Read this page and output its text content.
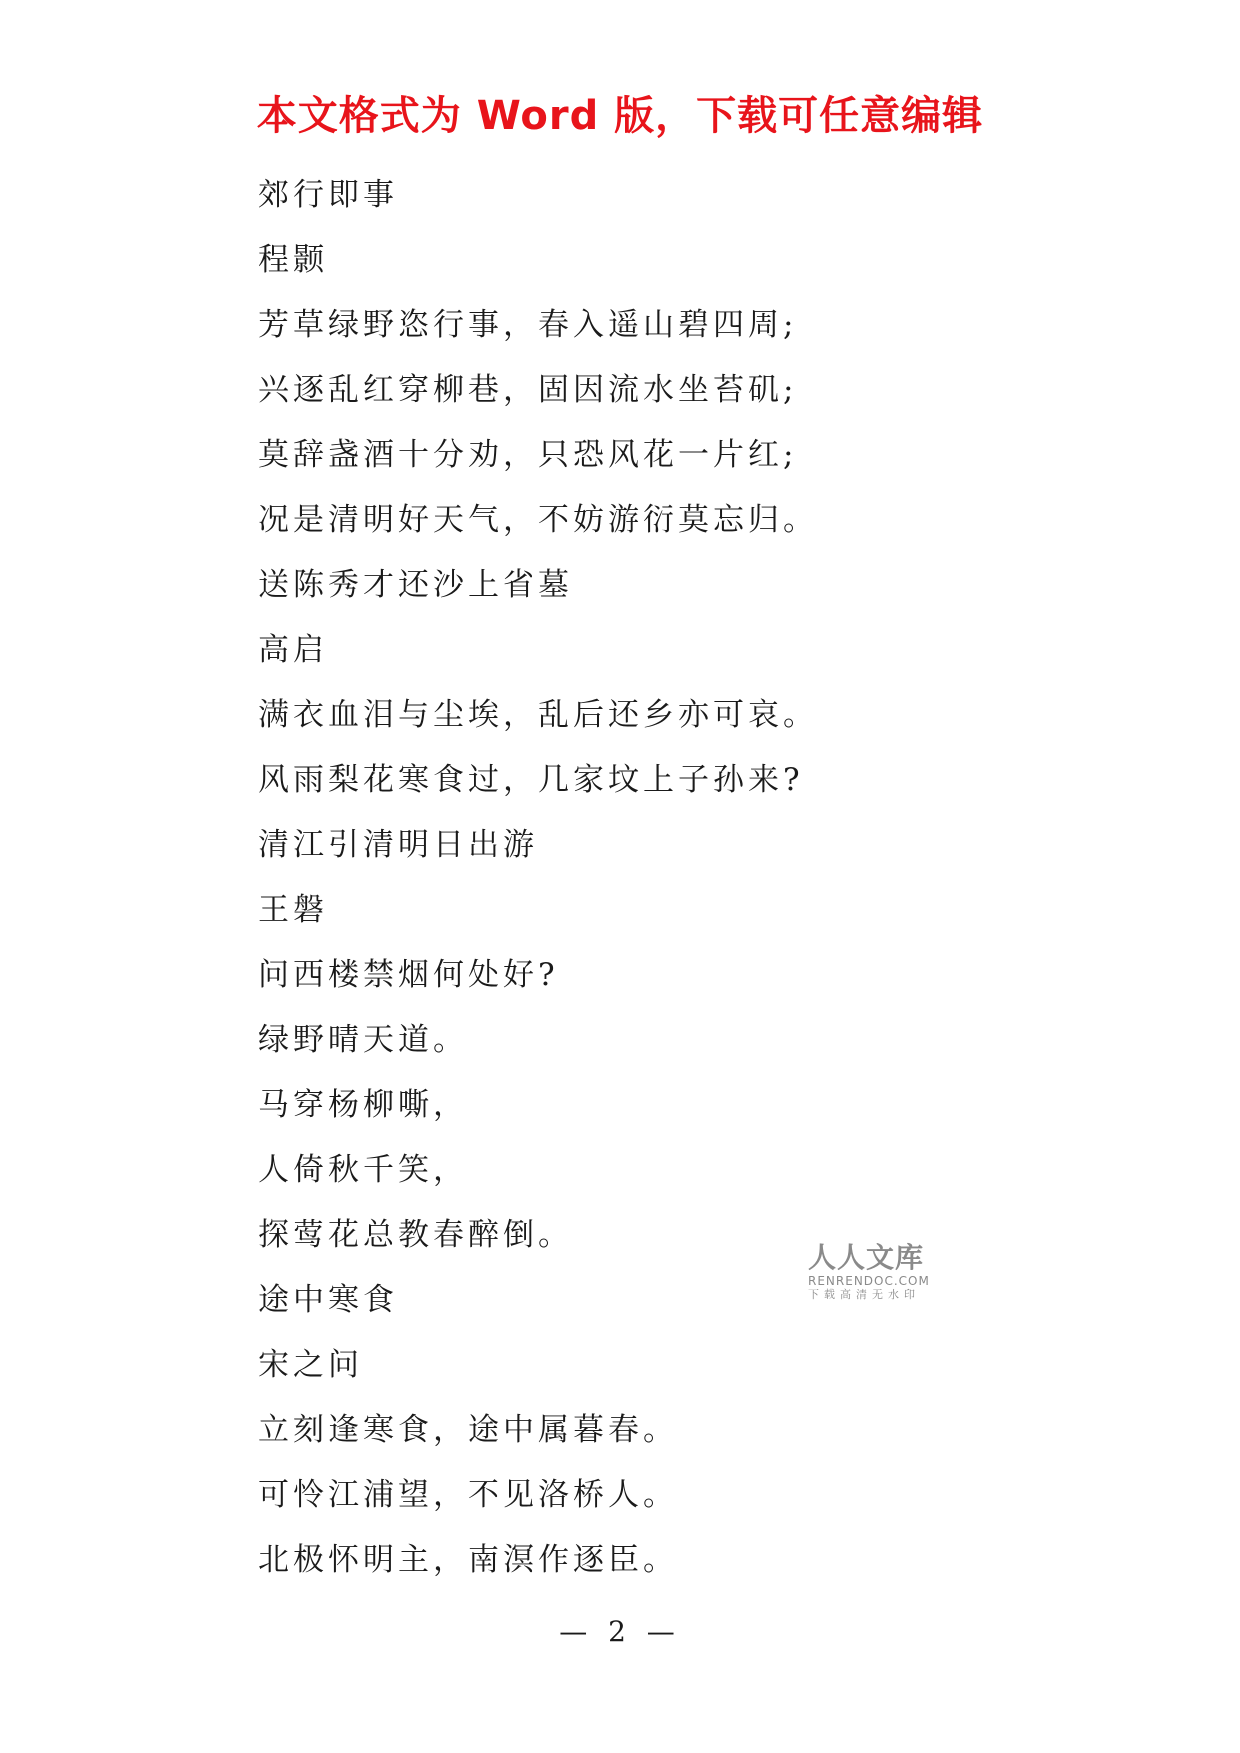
本文格式为 Word 版，下载可任意编辑
郊行即事
程颢
芳草绿野恣行事，春入遥山碧四周;
兴逐乱红穿柳巷，固因流水坐苔矶;
莫辞盏酒十分劝，只恐风花一片红;
况是清明好天气，不妨游衍莫忘归。
送陈秀才还沙上省墓
高启
满衣血泪与尘埃，乱后还乡亦可哀。
风雨梨花寒食过，几家坟上子孙来?
清江引清明日出游
王磐
问西楼禁烟何处好?
绿野晴天道。
马穿杨柳嘶，
人倚秋千笑，
探莺花总教春醉倒。
途中寒食
宋之问
立刻逢寒食，途中属暮春。
可怜江浦望，不见洛桥人。
北极怀明主，南溟作逐臣。
人人文库
RENRENDOC.COM
下载高清无水印
— 2 —
